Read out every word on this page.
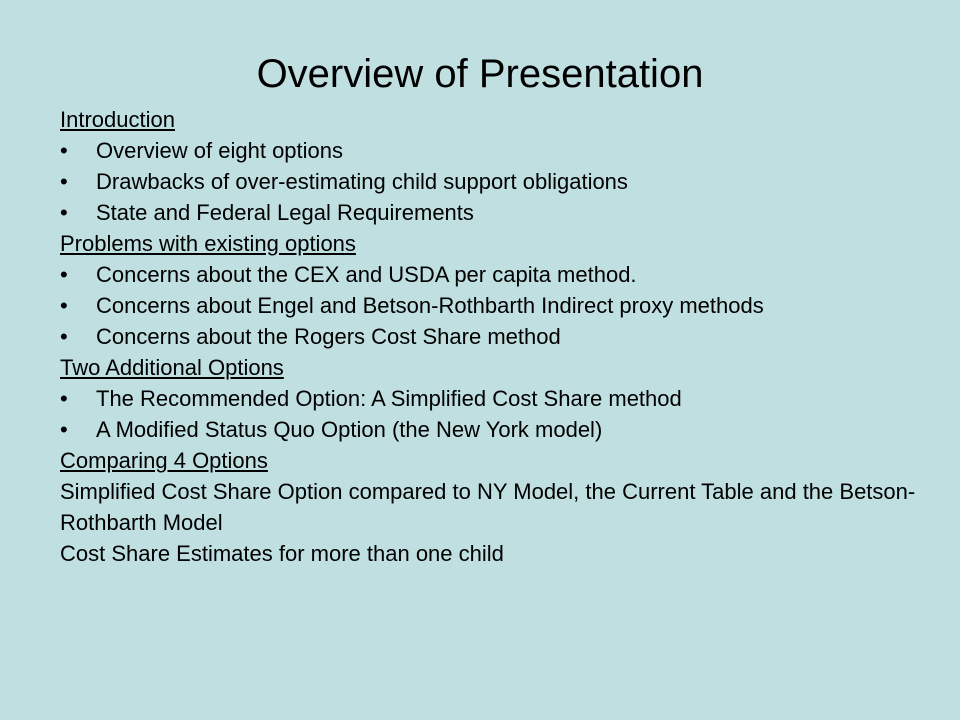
Overview of Presentation
Introduction
•	Overview of eight options
•	Drawbacks of over-estimating child support obligations
•	State and Federal Legal Requirements
Problems with existing options
•	Concerns about the CEX and USDA per capita method.
•	Concerns about Engel and Betson-Rothbarth Indirect proxy methods
•	Concerns about the Rogers Cost Share method
Two Additional Options
•	The Recommended Option: A Simplified Cost Share method
•	A Modified Status Quo Option (the New York model)
Comparing 4 Options
Simplified Cost Share Option compared to NY Model, the Current Table and the Betson-Rothbarth Model
Cost Share Estimates for more than one child
